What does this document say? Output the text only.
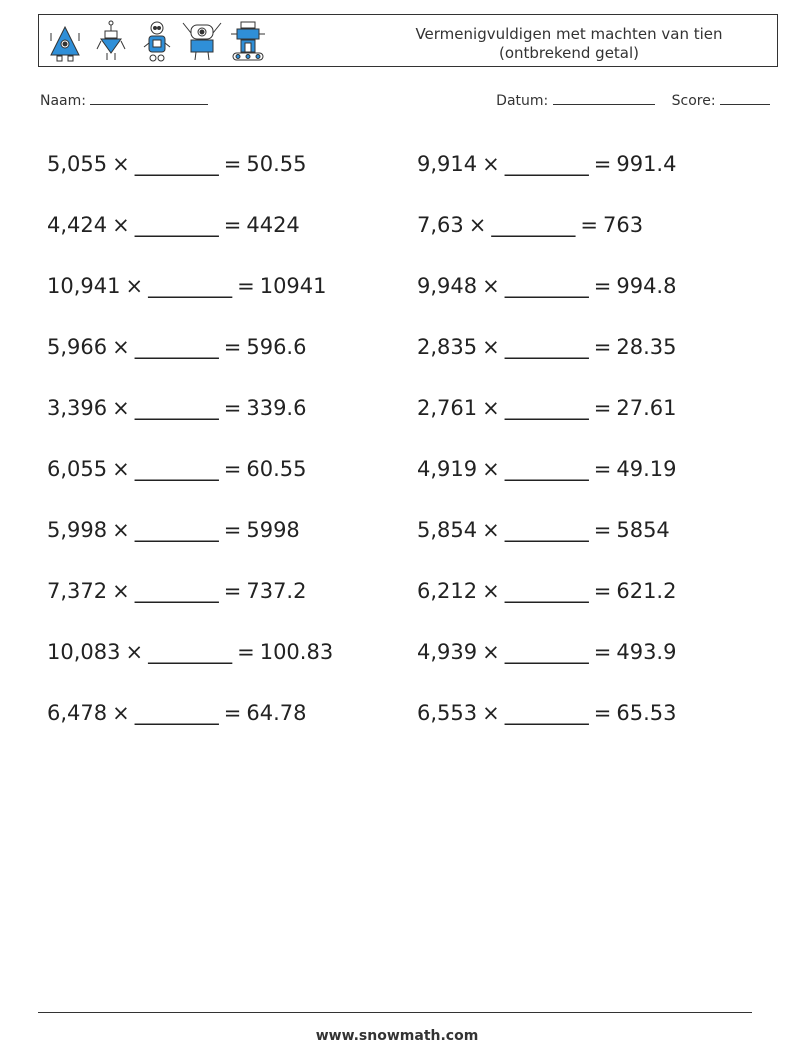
Vermenigvuldigen met machten van tien
(ontbrekend getal)
Naam:	Datum:	Score:
5,055 × ________ = 50.55
4,424 × ________ = 4424
10,941 × ________ = 10941
5,966 × ________ = 596.6
3,396 × ________ = 339.6
6,055 × ________ = 60.55
5,998 × ________ = 5998
7,372 × ________ = 737.2
10,083 × ________ = 100.83
6,478 × ________ = 64.78
9,914 × ________ = 991.4
7,63 × ________ = 763
9,948 × ________ = 994.8
2,835 × ________ = 28.35
2,761 × ________ = 27.61
4,919 × ________ = 49.19
5,854 × ________ = 5854
6,212 × ________ = 621.2
4,939 × ________ = 493.9
6,553 × ________ = 65.53
www.snowmath.com
